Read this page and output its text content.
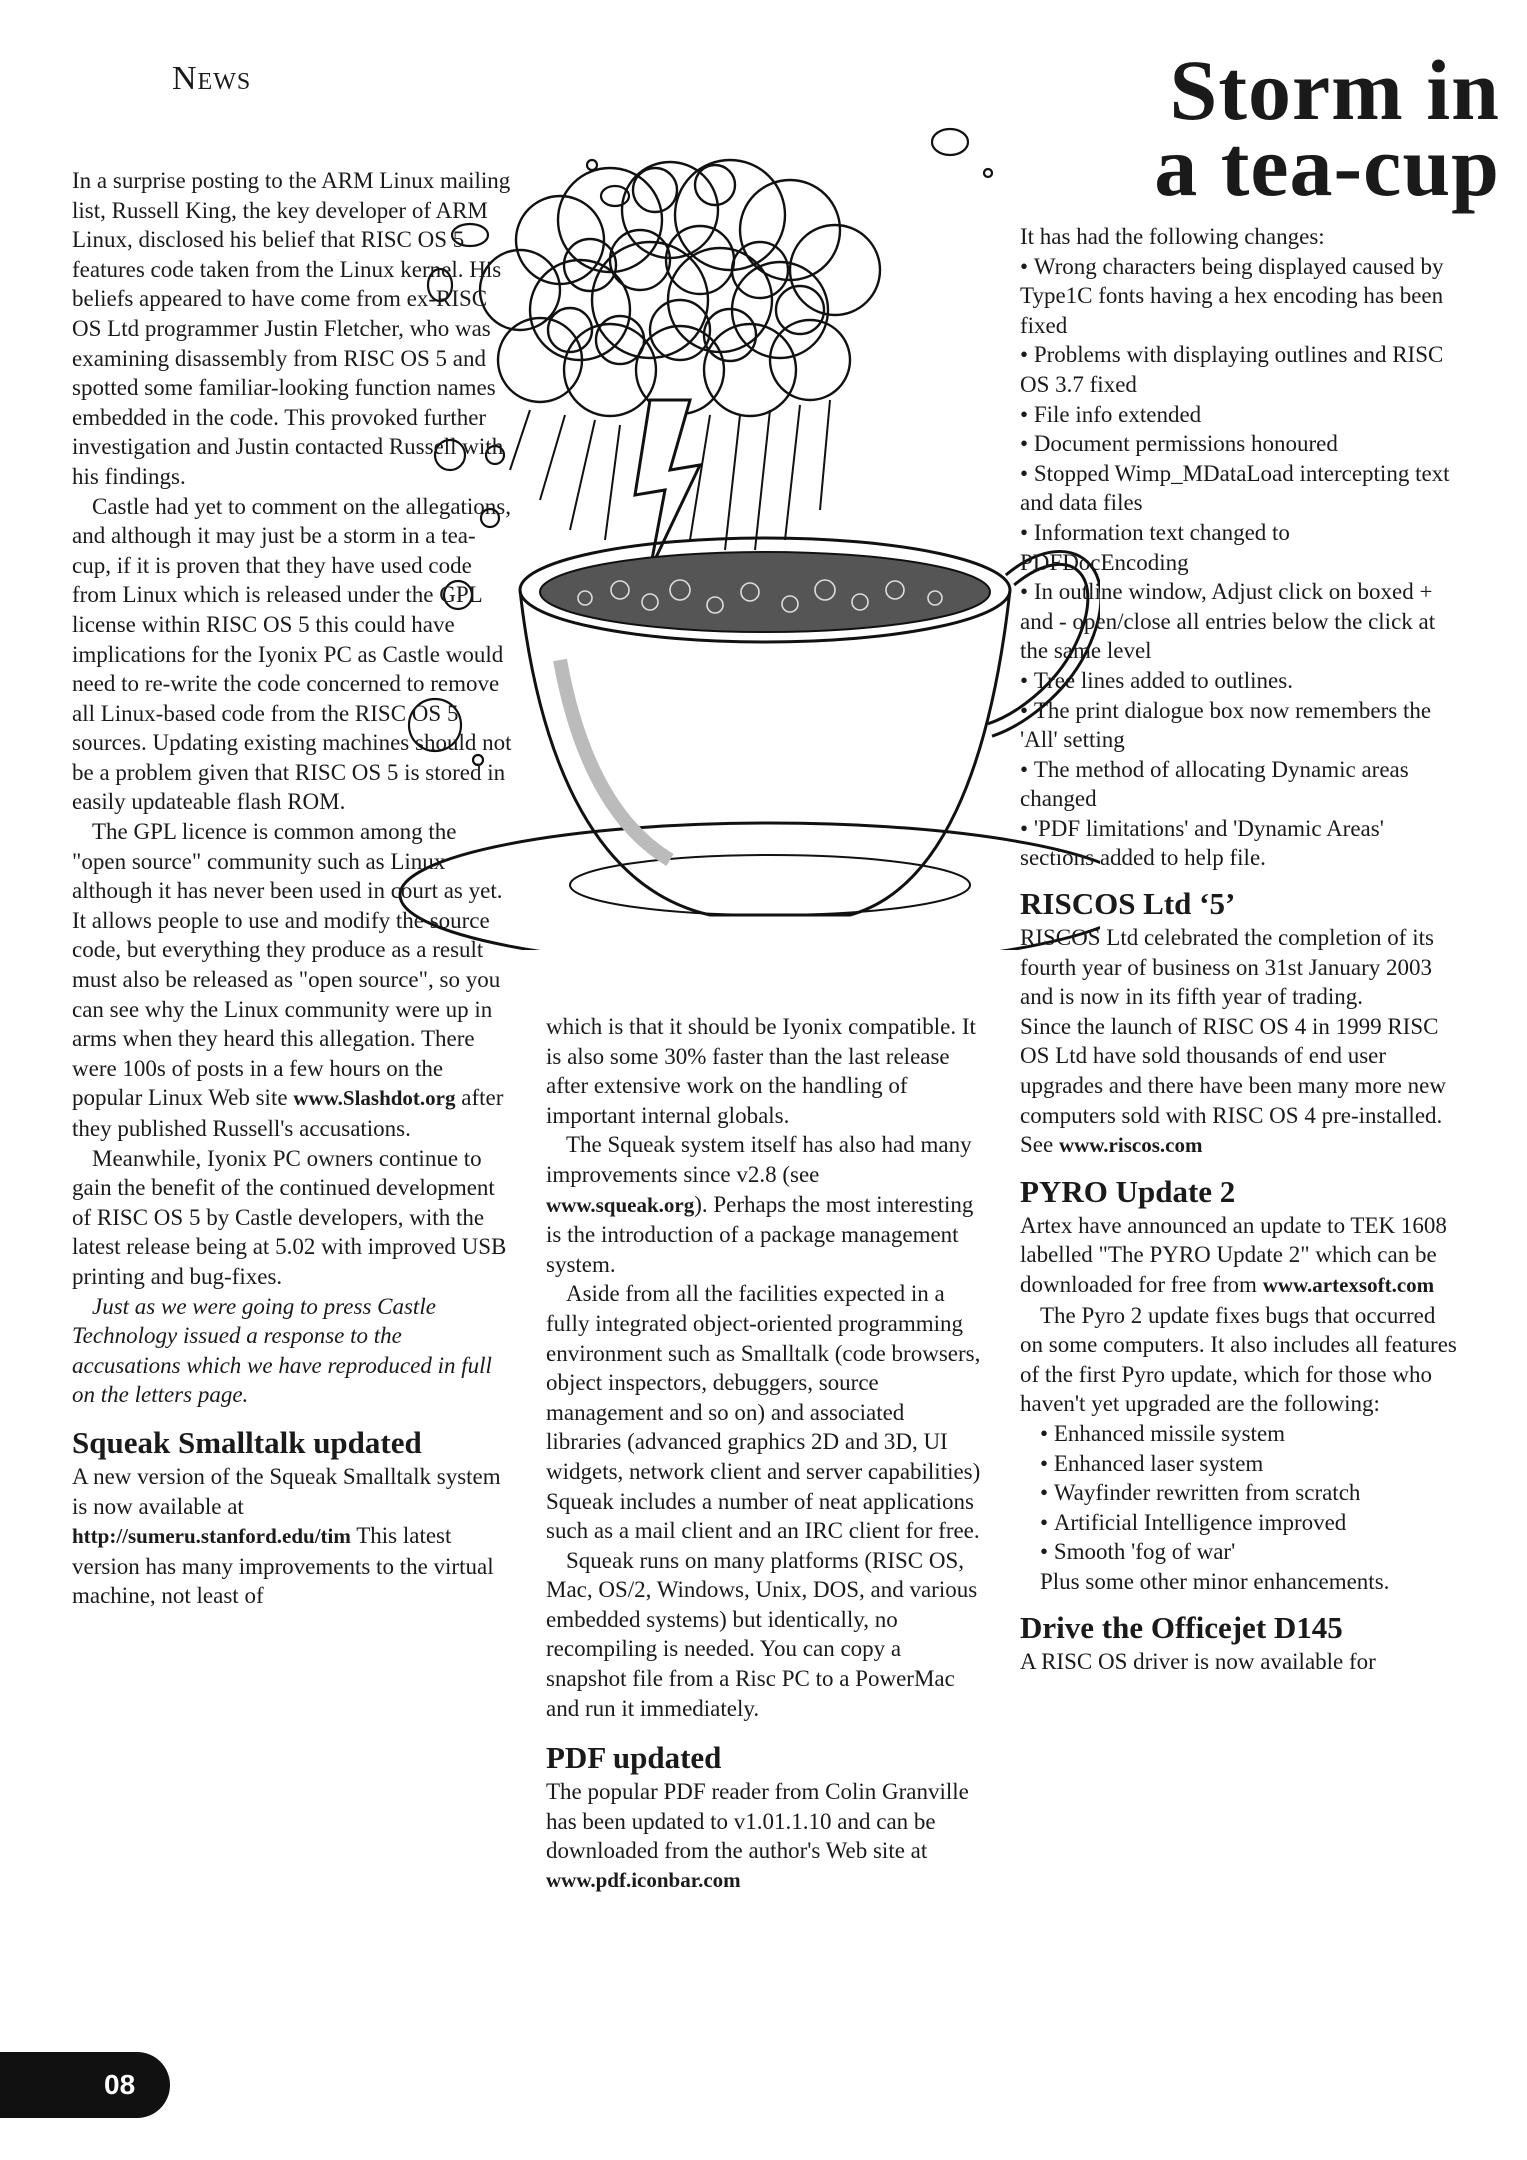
News	Storm in
a tea-cup

In a surprise posting to the ARM Linux mailing list, Russell King, the key developer of ARM Linux, disclosed his belief that RISC OS 5 features code taken from the Linux kernel. His beliefs appeared to have come from ex-RISC OS Ltd programmer Justin Fletcher, who was examining disassembly from RISC OS 5 and spotted some familiar-looking function names embedded in the code. This provoked further investigation and Justin contacted Russell with his findings.

Castle had yet to comment on the allegations, and although it may just be a storm in a tea-cup, if it is proven that they have used code from Linux which is released under the GPL license within RISC OS 5 this could have implications for the Iyonix PC as Castle would need to re-write the code concerned to remove all Linux-based code from the RISC OS 5 sources. Updating existing machines should not be a problem given that RISC OS 5 is stored in easily updateable flash ROM.

The GPL licence is common among the "open source" community such as Linux although it has never been used in court as yet. It allows people to use and modify the source code, but everything they produce as a result must also be released as "open source", so you can see why the Linux community were up in arms when they heard this allegation. There were 100s of posts in a few hours on the popular Linux Web site www.Slashdot.org after they published Russell's accusations.

Meanwhile, Iyonix PC owners continue to gain the benefit of the continued development of RISC OS 5 by Castle developers, with the latest release being at 5.02 with improved USB printing and bug-fixes.

Just as we were going to press Castle Technology issued a response to the accusations which we have reproduced in full on the letters page.

Squeak Smalltalk updated

A new version of the Squeak Smalltalk system is now available at http://sumeru.stanford.edu/tim This latest version has many improvements to the virtual machine, not least of

which is that it should be Iyonix compatible. It is also some 30% faster than the last release after extensive work on the handling of important internal globals.

The Squeak system itself has also had many improvements since v2.8 (see www.squeak.org). Perhaps the most interesting is the introduction of a package management system.

Aside from all the facilities expected in a fully integrated object-oriented programming environment such as Smalltalk (code browsers, object inspectors, debuggers, source management and so on) and associated libraries (advanced graphics 2D and 3D, UI widgets, network client and server capabilities) Squeak includes a number of neat applications such as a mail client and an IRC client for free.

Squeak runs on many platforms (RISC OS, Mac, OS/2, Windows, Unix, DOS, and various embedded systems) but identically, no recompiling is needed. You can copy a snapshot file from a Risc PC to a PowerMac and run it immediately.

PDF updated

The popular PDF reader from Colin Granville has been updated to v1.01.1.10 and can be downloaded from the author's Web site at

www.pdf.iconbar.com

It has had the following changes:

• Wrong characters being displayed caused by Type1C fonts having a hex encoding has been fixed
• Problems with displaying outlines and RISC OS 3.7 fixed
• File info extended
• Document permissions honoured
• Stopped Wimp_MDataLoad intercepting text and data files
• Information text changed to PDFDocEncoding
• In outline window, Adjust click on boxed + and - open/close all entries below the click at the same level
• Tree lines added to outlines.
• The print dialogue box now remembers the 'All' setting
• The method of allocating Dynamic areas changed
• 'PDF limitations' and 'Dynamic Areas' sections added to help file.
RISCOS Ltd ‘5’

RISCOS Ltd celebrated the completion of its fourth year of business on 31st January 2003 and is now in its fifth year of trading.

Since the launch of RISC OS 4 in 1999 RISC OS Ltd have sold thousands of end user upgrades and there have been many more new computers sold with RISC OS 4 pre-installed. See www.riscos.com

PYRO Update 2

Artex have announced an update to TEK 1608 labelled "The PYRO Update 2" which can be downloaded for free from www.artexsoft.com

The Pyro 2 update fixes bugs that occurred on some computers. It also includes all features of the first Pyro update, which for those who haven't yet upgraded are the following:

• Enhanced missile system
• Enhanced laser system
• Wayfinder rewritten from scratch
• Artificial Intelligence improved
• Smooth 'fog of war'

Plus some other minor enhancements.

Drive the Officejet D145

A RISC OS driver is now available for

08
